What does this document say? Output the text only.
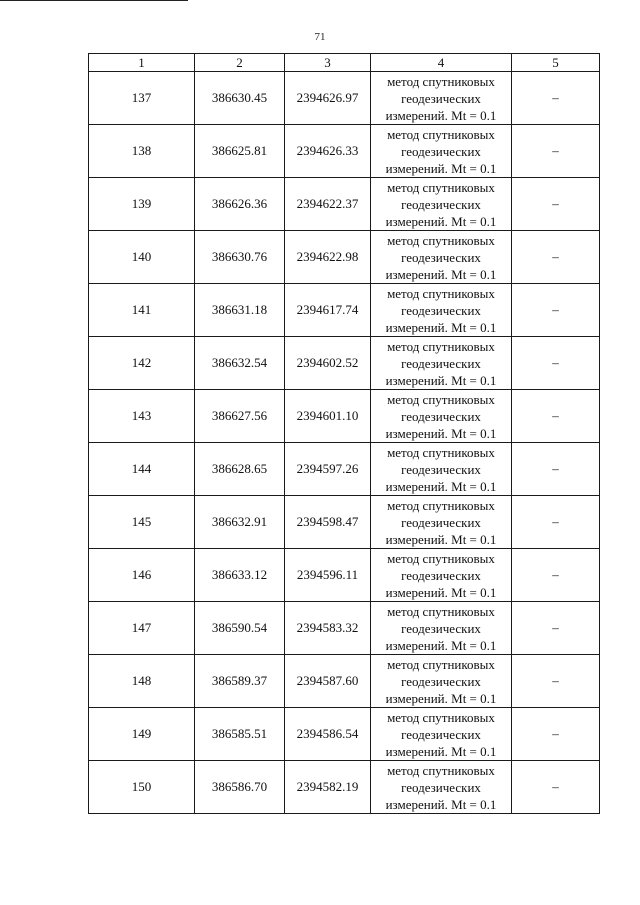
71
1	2	3	4	5
137	386630.45	2394626.97	метод спутниковых
геодезических
измерений. Mt = 0.1	–
138	386625.81	2394626.33	метод спутниковых
геодезических
измерений. Mt = 0.1	–
139	386626.36	2394622.37	метод спутниковых
геодезических
измерений. Mt = 0.1	–
140	386630.76	2394622.98	метод спутниковых
геодезических
измерений. Mt = 0.1	–
141	386631.18	2394617.74	метод спутниковых
геодезических
измерений. Mt = 0.1	–
142	386632.54	2394602.52	метод спутниковых
геодезических
измерений. Mt = 0.1	–
143	386627.56	2394601.10	метод спутниковых
геодезических
измерений. Mt = 0.1	–
144	386628.65	2394597.26	метод спутниковых
геодезических
измерений. Mt = 0.1	–
145	386632.91	2394598.47	метод спутниковых
геодезических
измерений. Mt = 0.1	–
146	386633.12	2394596.11	метод спутниковых
геодезических
измерений. Mt = 0.1	–
147	386590.54	2394583.32	метод спутниковых
геодезических
измерений. Mt = 0.1	–
148	386589.37	2394587.60	метод спутниковых
геодезических
измерений. Mt = 0.1	–
149	386585.51	2394586.54	метод спутниковых
геодезических
измерений. Mt = 0.1	–
150	386586.70	2394582.19	метод спутниковых
геодезических
измерений. Mt = 0.1	–
